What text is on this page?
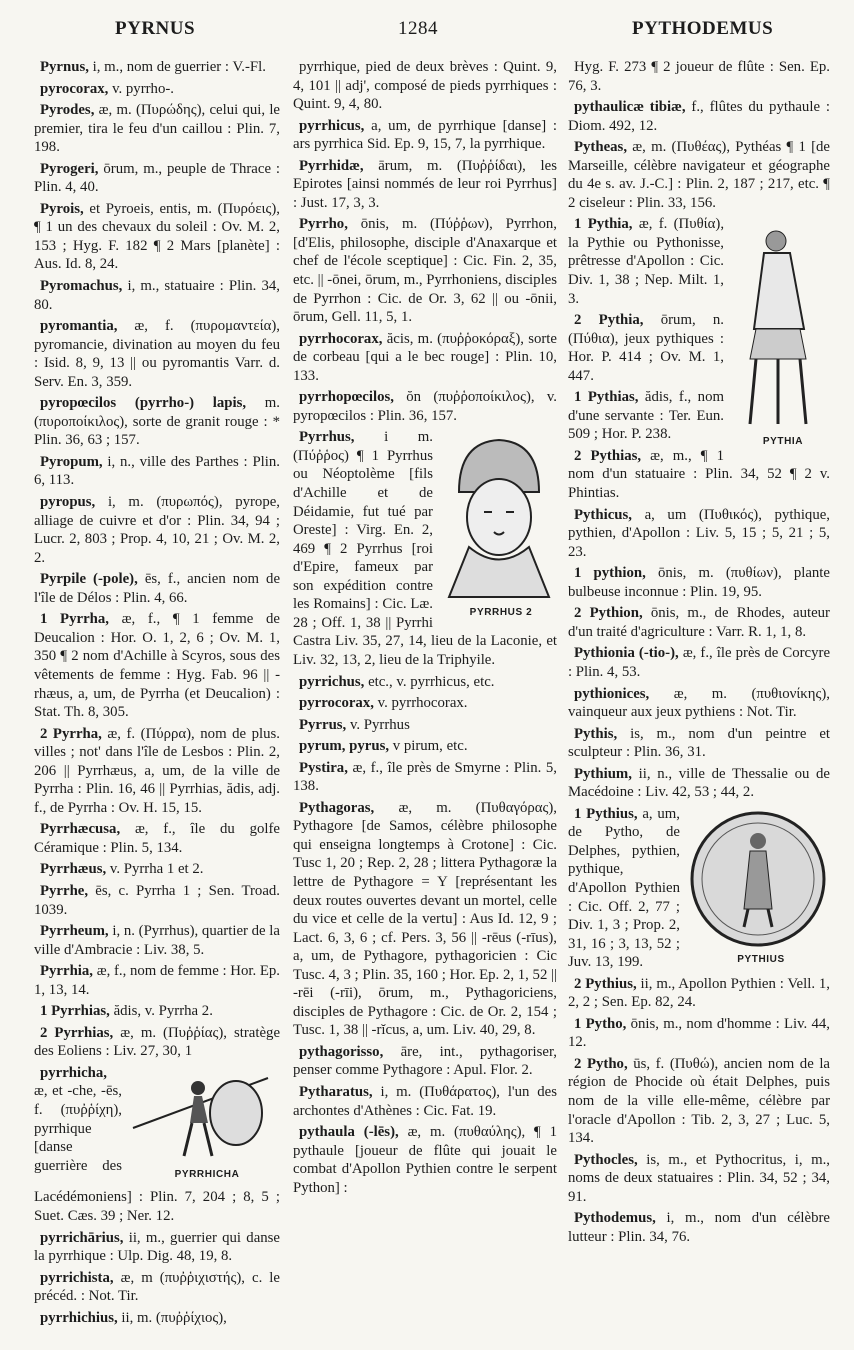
PYRNUS	1284	PYTHODEMUS

Pyrnus, i, m., nom de guerrier : V.-Fl.

pyrocorax, v. pyrrho-.

Pyrodes, æ, m. (Πυρώδης), celui qui, le premier, tira le feu d'un caillou : Plin. 7, 198.

Pyrogeri, ōrum, m., peuple de Thrace : Plin. 4, 40.

Pyrois, et Pyroeis, entis, m. (Πυρόεις), ¶ 1 un des chevaux du soleil : Ov. M. 2, 153 ; Hyg. F. 182 ¶ 2 Mars [planète] : Aus. Id. 8, 24.

Pyromachus, i, m., statuaire : Plin. 34, 80.

pyromantia, æ, f. (πυρομαντεία), pyromancie, divination au moyen du feu : Isid. 8, 9, 13 || ou pyromantis Varr. d. Serv. En. 3, 359.

pyropœcilos (pyrrho-) lapis, m. (πυροποίκιλος), sorte de granit rouge : * Plin. 36, 63 ; 157.

Pyropum, i, n., ville des Parthes : Plin. 6, 113.

pyropus, i, m. (πυρωπός), pyrope, alliage de cuivre et d'or : Plin. 34, 94 ; Lucr. 2, 803 ; Prop. 4, 10, 21 ; Ov. M. 2, 2.

Pyrpile (-pole), ēs, f., ancien nom de l'île de Délos : Plin. 4, 66.

1 Pyrrha, æ, f., ¶ 1 femme de Deucalion : Hor. O. 1, 2, 6 ; Ov. M. 1, 350 ¶ 2 nom d'Achille à Scyros, sous des vêtements de femme : Hyg. Fab. 96 || -rhæus, a, um, de Pyrrha (et Deucalion) : Stat. Th. 8, 305.

2 Pyrrha, æ, f. (Πύρρα), nom de plus. villes ; not' dans l'île de Lesbos : Plin. 2, 206 || Pyrrhæus, a, um, de la ville de Pyrrha : Plin. 16, 46 || Pyrrhias, ădis, adj. f., de Pyrrha : Ov. H. 15, 15.

Pyrrhæcusa, æ, f., île du golfe Céramique : Plin. 5, 134.

Pyrrhæus, v. Pyrrha 1 et 2.

Pyrrhe, ēs, c. Pyrrha 1 ; Sen. Troad. 1039.

Pyrrheum, i, n. (Pyrrhus), quartier de la ville d'Ambracie : Liv. 38, 5.

Pyrrhia, æ, f., nom de femme : Hor. Ep. 1, 13, 14.

1 Pyrrhias, ădis, v. Pyrrha 2.

2 Pyrrhias, æ, m. (Πυῤῥίας), stratège des Eoliens : Liv. 27, 30, 1

PYRRHICHA
pyrrhicha, æ, et -che, -ēs, f. (πυῤῥίχη), pyrrhique [danse guerrière des Lacédémoniens] : Plin. 7, 204 ; 8, 5 ; Suet. Cæs. 39 ; Ner. 12.

pyrrichārius, ii, m., guerrier qui danse la pyrrhique : Ulp. Dig. 48, 19, 8.

pyrrichista, æ, m (πυῤῥιχιστής), c. le précéd. : Not. Tir.

pyrrhichius, ii, m. (πυῤῥίχιος),

pyrrhique, pied de deux brèves : Quint. 9, 4, 101 || adj', composé de pieds pyrrhiques : Quint. 9, 4, 80.

pyrrhicus, a, um, de pyrrhique [danse] : ars pyrrhica Sid. Ep. 9, 15, 7, la pyrrhique.

Pyrrhidæ, ārum, m. (Πυῤῥίδαι), les Epirotes [ainsi nommés de leur roi Pyrrhus] : Just. 17, 3, 3.

Pyrrho, ōnis, m. (Πύῤῥων), Pyrrhon, [d'Elis, philosophe, disciple d'Anaxarque et chef de l'école sceptique] : Cic. Fin. 2, 35, etc. || -ōnei, ōrum, m., Pyrrhoniens, disciples de Pyrrhon : Cic. de Or. 3, 62 || ou -ōnii, ōrum, Gell. 11, 5, 1.

pyrrhocorax, ăcis, m. (πυῤῥοκόραξ), sorte de corbeau [qui a le bec rouge] : Plin. 10, 133.

pyrrhopœcilos, ŏn (πυῤῥοποίκιλος), v. pyropœcilos : Plin. 36, 157.

PYRRHUS 2
Pyrrhus, i m. (Πύῤῥος) ¶ 1 Pyrrhus ou Néoptolème [fils d'Achille et de Déidamie, fut tué par Oreste] : Virg. En. 2, 469 ¶ 2 Pyrrhus [roi d'Epire, fameux par son expédition contre les Romains] : Cic. Læ. 28 ; Off. 1, 38 || Pyrrhi Castra Liv. 35, 27, 14, lieu de la Laconie, et Liv. 32, 13, 2, lieu de la Triphyile.

pyrrichus, etc., v. pyrrhicus, etc.

pyrrocorax, v. pyrrhocorax.

Pyrrus, v. Pyrrhus

pyrum, pyrus, v pirum, etc.

Pystira, æ, f., île près de Smyrne : Plin. 5, 138.

Pythagoras, æ, m. (Πυθαγόρας), Pythagore [de Samos, célèbre philosophe qui enseigna longtemps à Crotone] : Cic. Tusc 1, 20 ; Rep. 2, 28 ; littera Pythagoræ la lettre de Pythagore = Y [représentant les deux routes ouvertes devant un mortel, celle du vice et celle de la vertu] : Aus Id. 12, 9 ; Lact. 6, 3, 6 ; cf. Pers. 3, 56 || -rēus (-rīus), a, um, de Pythagore, pythagoricien : Cic Tusc. 4, 3 ; Plin. 35, 160 ; Hor. Ep. 2, 1, 52 || -rēi (-rīi), ōrum, m., Pythagoriciens, disciples de Pythagore : Cic. de Or. 2, 154 ; Tusc. 1, 38 || -rĭcus, a, um. Liv. 40, 29, 8.

pythagorisso, āre, int., pythagoriser, penser comme Pythagore : Apul. Flor. 2.

Pytharatus, i, m. (Πυθάρατος), l'un des archontes d'Athènes : Cic. Fat. 19.

pythaula (-lēs), æ, m. (πυθαύλης), ¶ 1 pythaule [joueur de flûte qui jouait le combat d'Apollon Pythien contre le serpent Python] :

Hyg. F. 273 ¶ 2 joueur de flûte : Sen. Ep. 76, 3.

pythaulicæ tibiæ, f., flûtes du pythaule : Diom. 492, 12.

Pytheas, æ, m. (Πυθέας), Pythéas ¶ 1 [de Marseille, célèbre navigateur et géographe du 4e s. av. J.-C.] : Plin. 2, 187 ; 217, etc. ¶ 2 ciseleur : Plin. 33, 156.

PYTHIA
1 Pythia, æ, f. (Πυθία), la Pythie ou Pythonisse, prêtresse d'Apollon : Cic. Div. 1, 38 ; Nep. Milt. 1, 3.

2 Pythia, ōrum, n. (Πύθια), jeux pythiques : Hor. P. 414 ; Ov. M. 1, 447.

1 Pythias, ădis, f., nom d'une servante : Ter. Eun. 509 ; Hor. P. 238.

2 Pythias, æ, m., ¶ 1 nom d'un statuaire : Plin. 34, 52 ¶ 2 v. Phintias.

Pythicus, a, um (Πυθικός), pythique, pythien, d'Apollon : Liv. 5, 15 ; 5, 21 ; 5, 23.

1 pythion, ōnis, m. (πυθίων), plante bulbeuse inconnue : Plin. 19, 95.

2 Pythion, ōnis, m., de Rhodes, auteur d'un traité d'agriculture : Varr. R. 1, 1, 8.

Pythionia (-tio-), æ, f., île près de Corcyre : Plin. 4, 53.

pythionices, æ, m. (πυθιονίκης), vainqueur aux jeux pythiens : Not. Tir.

Pythis, is, m., nom d'un peintre et sculpteur : Plin. 36, 31.

Pythium, ii, n., ville de Thessalie ou de Macédoine : Liv. 42, 53 ; 44, 2.

PYTHIUS
1 Pythius, a, um, de Pytho, de Delphes, pythien, pythique, d'Apollon Pythien : Cic. Off. 2, 77 ; Div. 1, 3 ; Prop. 2, 31, 16 ; 3, 13, 52 ; Juv. 13, 199.

2 Pythius, ii, m., Apollon Pythien : Vell. 1, 2, 2 ; Sen. Ep. 82, 24.

1 Pytho, ōnis, m., nom d'homme : Liv. 44, 12.

2 Pytho, ūs, f. (Πυθώ), ancien nom de la région de Phocide où était Delphes, puis nom de la ville elle-même, célèbre par l'oracle d'Apollon : Tib. 2, 3, 27 ; Luc. 5, 134.

Pythocles, is, m., et Pythocritus, i, m., noms de deux statuaires : Plin. 34, 52 ; 34, 91.

Pythodemus, i, m., nom d'un célèbre lutteur : Plin. 34, 76.
